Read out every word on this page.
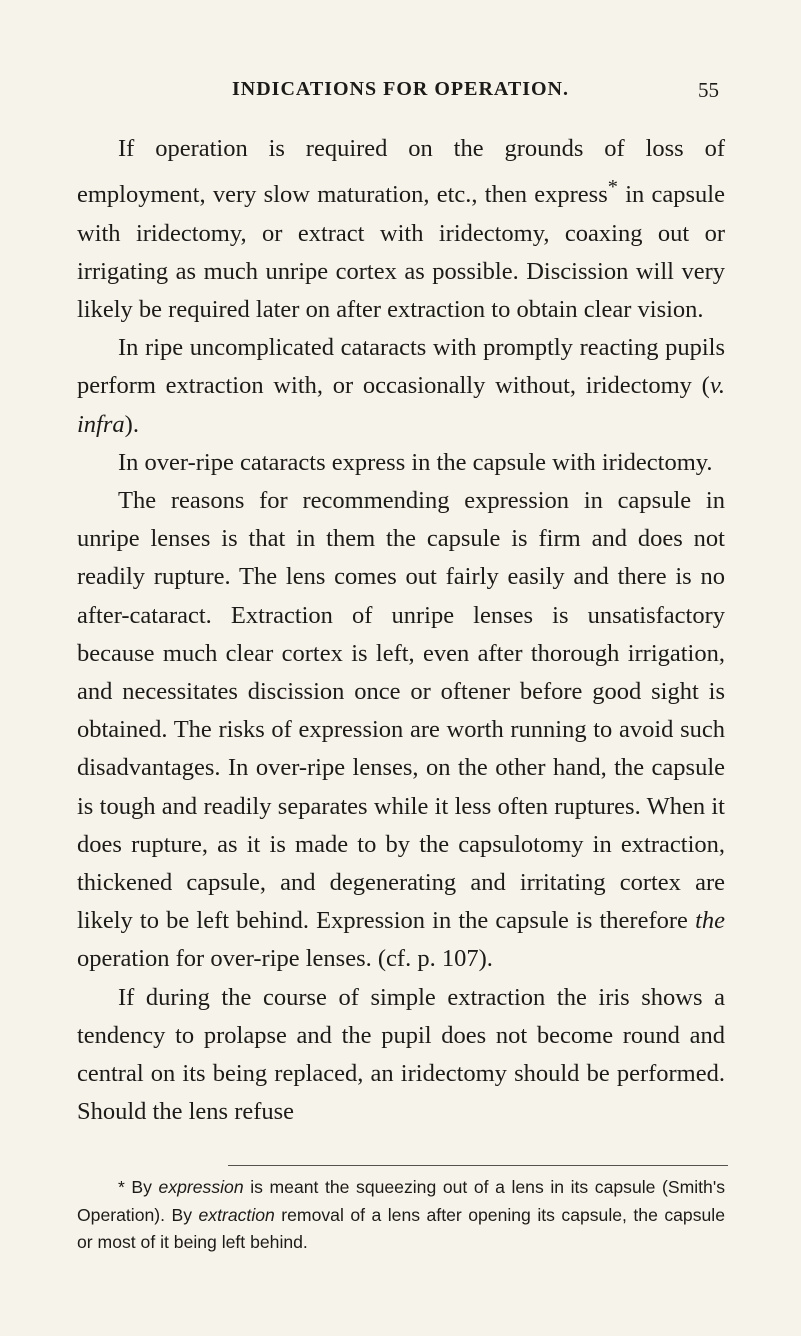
INDICATIONS FOR OPERATION.	55

If operation is required on the grounds of loss of employment, very slow maturation, etc., then express* in capsule with iridectomy, or extract with iridectomy, coaxing out or irrigating as much unripe cortex as possible. Discission will very likely be required later on after extraction to obtain clear vision.

In ripe uncomplicated cataracts with promptly reacting pupils perform extraction with, or occasionally without, iridectomy (v. infra).

In over-ripe cataracts express in the capsule with iridectomy.

The reasons for recommending expression in capsule in unripe lenses is that in them the capsule is firm and does not readily rupture. The lens comes out fairly easily and there is no after-cataract. Extraction of unripe lenses is unsatisfactory because much clear cortex is left, even after thorough irrigation, and necessitates discission once or oftener before good sight is obtained. The risks of expression are worth running to avoid such disadvantages. In over-ripe lenses, on the other hand, the capsule is tough and readily separates while it less often ruptures. When it does rupture, as it is made to by the capsulotomy in extraction, thickened capsule, and degenerating and irritating cortex are likely to be left behind. Expression in the capsule is therefore the operation for over-ripe lenses. (cf. p. 107).

If during the course of simple extraction the iris shows a tendency to prolapse and the pupil does not become round and central on its being replaced, an iridectomy should be performed. Should the lens refuse

* By expression is meant the squeezing out of a lens in its capsule (Smith's Operation). By extraction removal of a lens after opening its capsule, the capsule or most of it being left behind.
